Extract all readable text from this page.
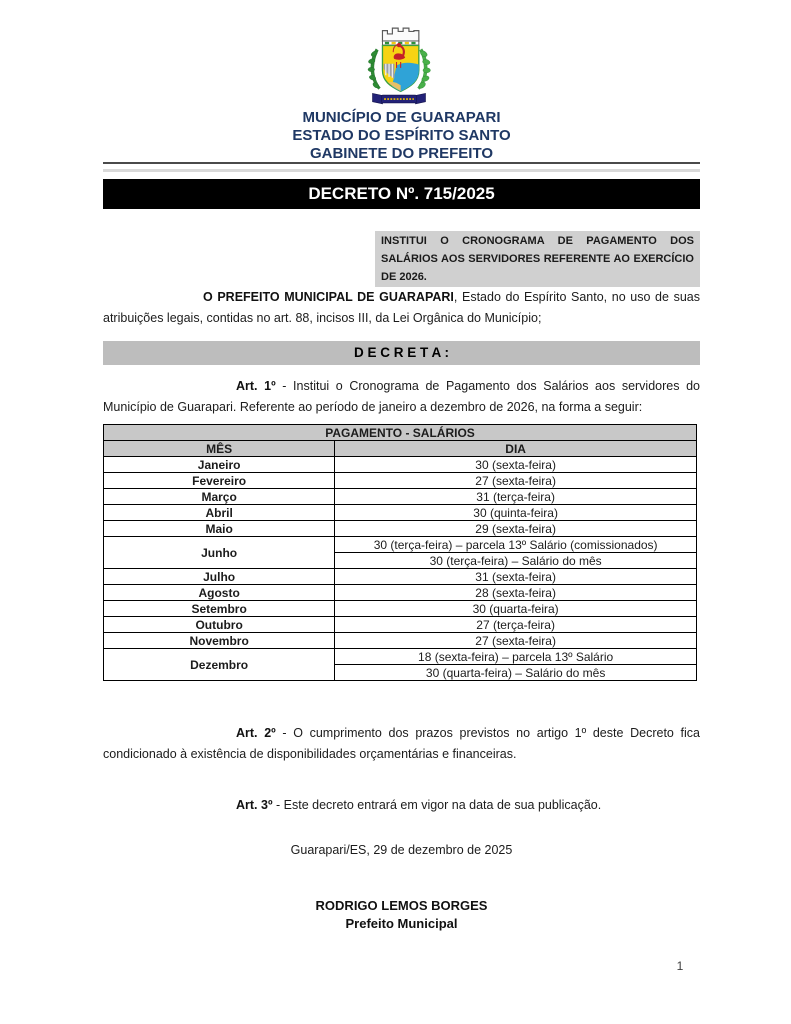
MUNICÍPIO DE GUARAPARI
ESTADO DO ESPÍRITO SANTO
GABINETE DO PREFEITO
DECRETO Nº. 715/2025
INSTITUI O CRONOGRAMA DE PAGAMENTO DOS SALÁRIOS AOS SERVIDORES REFERENTE AO EXERCÍCIO DE 2026.

O PREFEITO MUNICIPAL DE GUARAPARI, Estado do Espírito Santo, no uso de suas atribuições legais, contidas no art. 88, incisos III, da Lei Orgânica do Município;

D E C R E T A :

Art. 1º - Institui o Cronograma de Pagamento dos Salários aos servidores do Município de Guarapari. Referente ao período de janeiro a dezembro de 2026, na forma a seguir:

PAGAMENTO - SALÁRIOS	
MÊS	DIA
Janeiro	30 (sexta-feira)
Fevereiro	27 (sexta-feira)
Março	31 (terça-feira)
Abril	30 (quinta-feira)
Maio	29 (sexta-feira)
Junho	30 (terça-feira) – parcela 13º Salário (comissionados)
	30 (terça-feira) – Salário do mês
Julho	31 (sexta-feira)
Agosto	28 (sexta-feira)
Setembro	30 (quarta-feira)
Outubro	27 (terça-feira)
Novembro	27 (sexta-feira)
Dezembro	18 (sexta-feira) – parcela 13º Salário
	30 (quarta-feira) – Salário do mês

Art. 2º - O cumprimento dos prazos previstos no artigo 1º deste Decreto fica condicionado à existência de disponibilidades orçamentárias e financeiras.

Art. 3º - Este decreto entrará em vigor na data de sua publicação.

Guarapari/ES, 29 de dezembro de 2025
RODRIGO LEMOS BORGES
Prefeito Municipal
1
